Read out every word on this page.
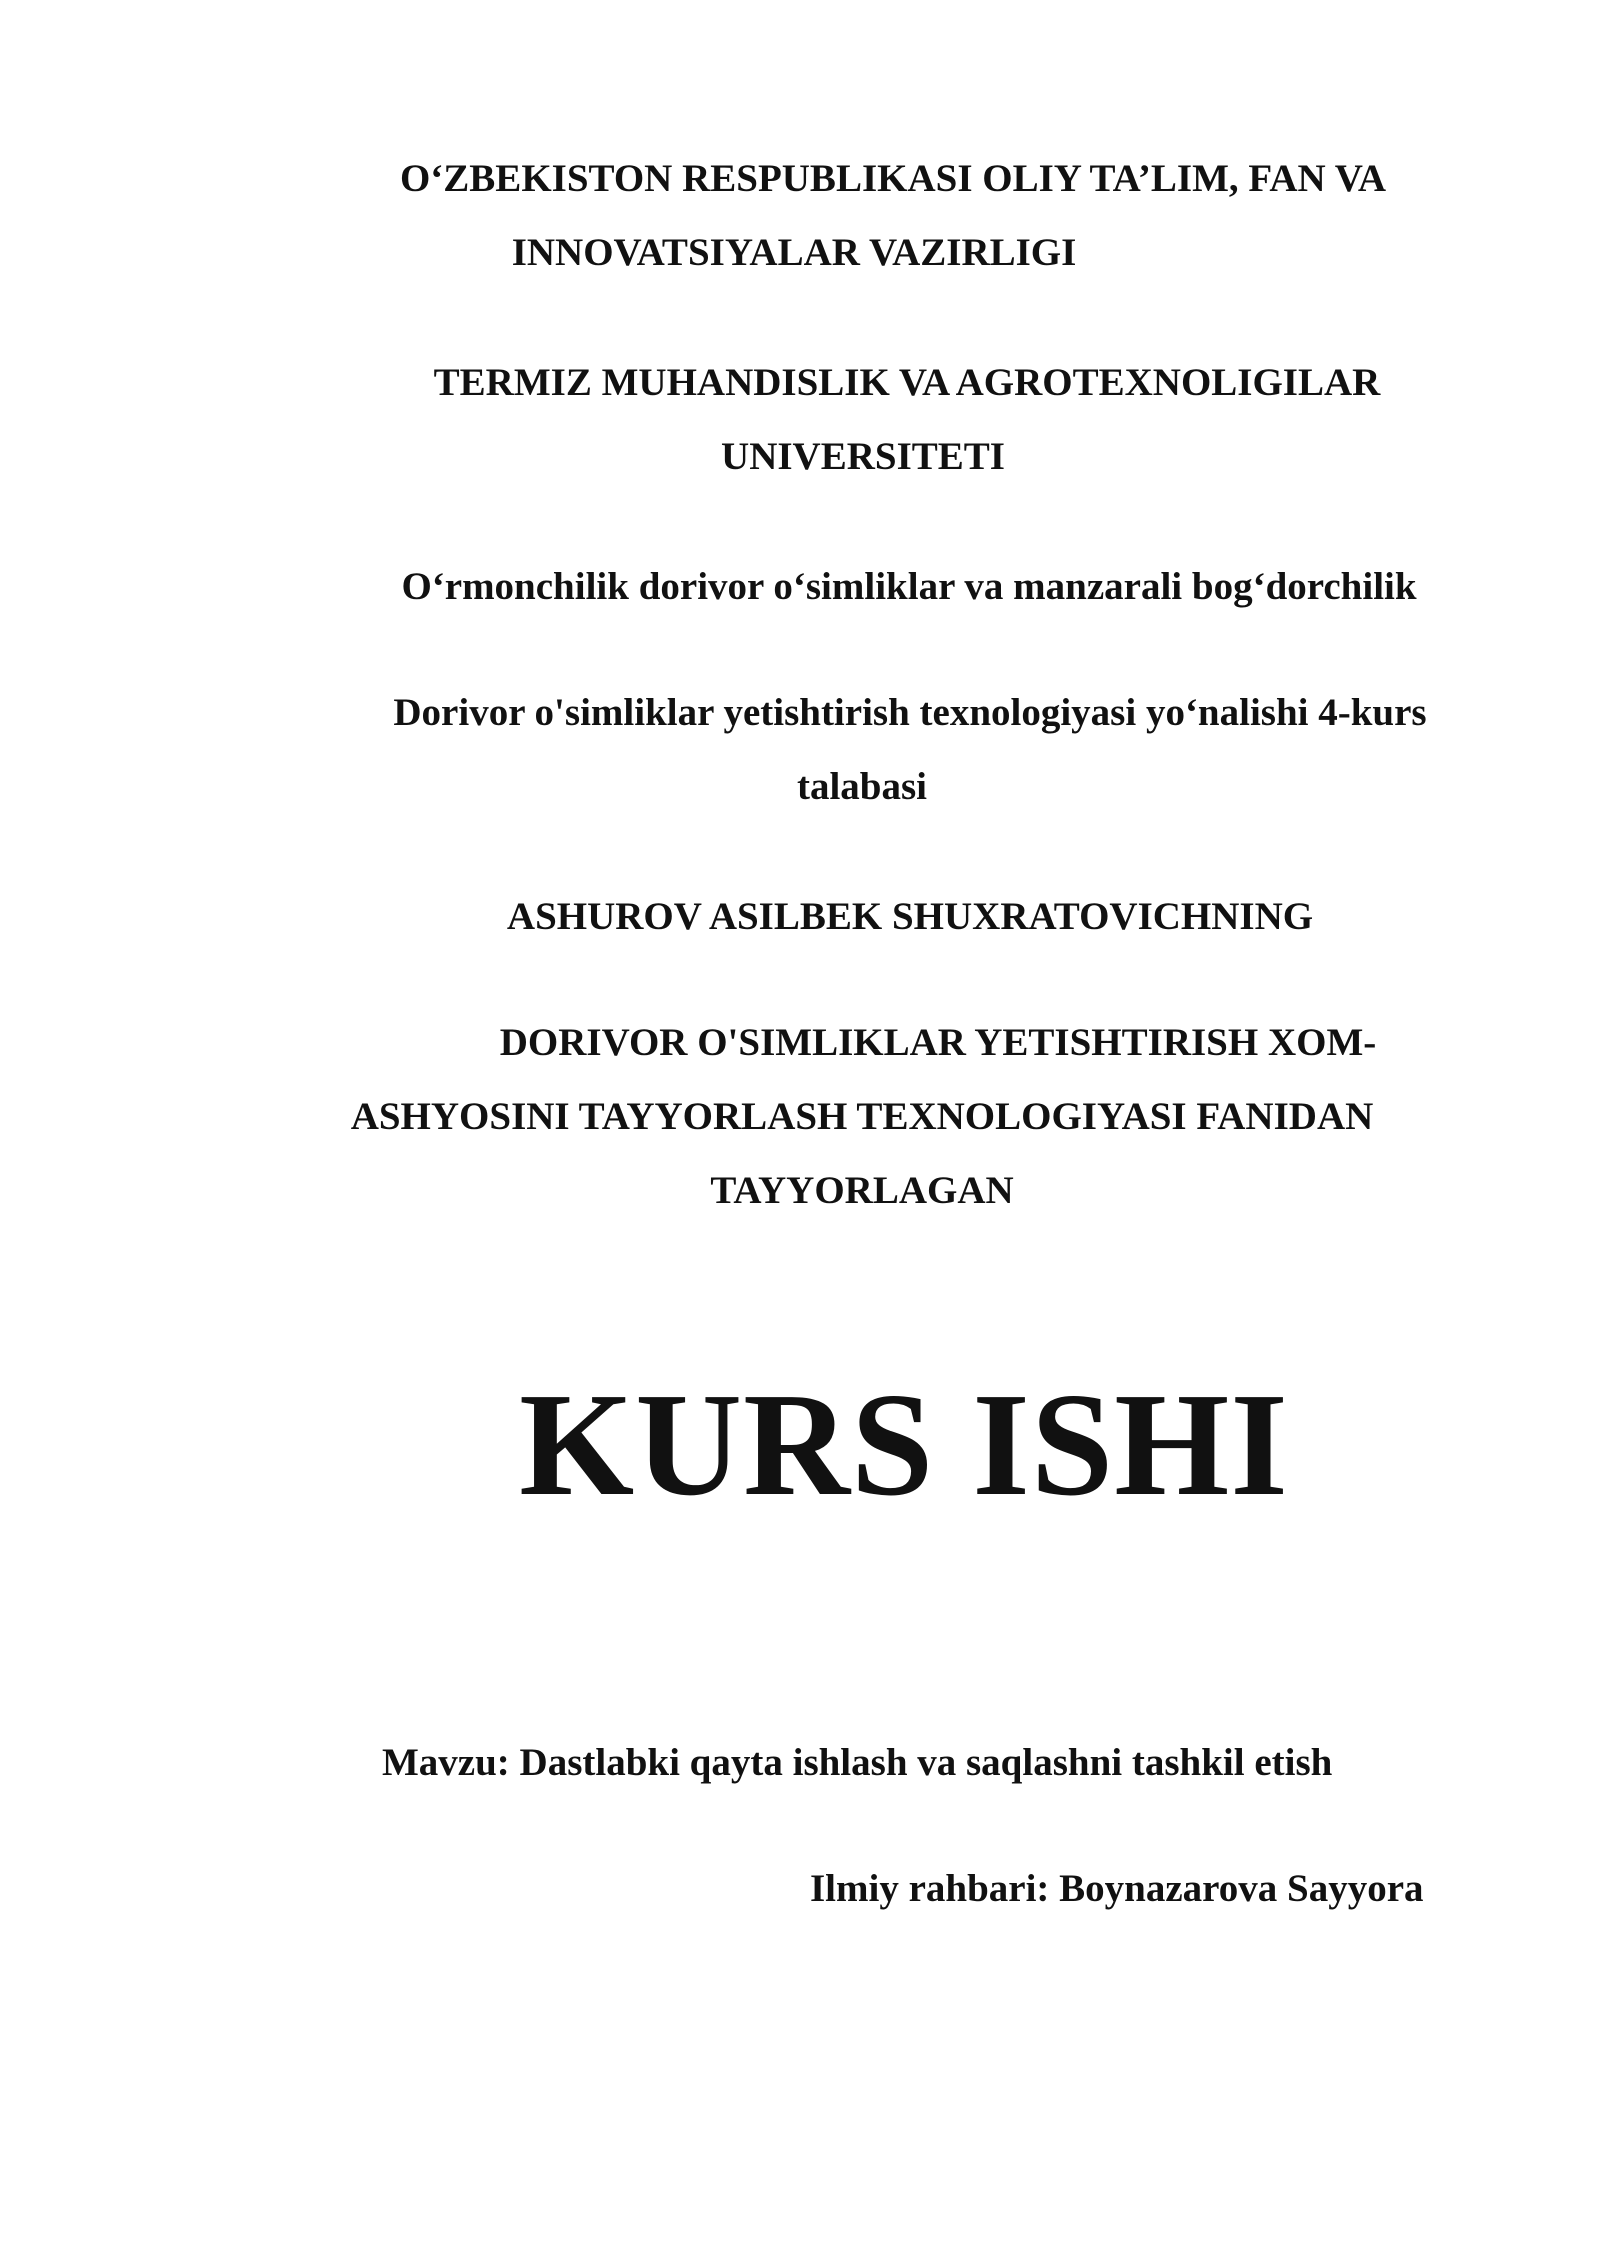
O‘ZBEKISTON RESPUBLIKASI OLIY TA’LIM, FAN VA
INNOVATSIYALAR VAZIRLIGI
TERMIZ MUHANDISLIK VA AGROTEXNOLIGILAR
UNIVERSITETI
O‘rmonchilik dorivor o‘simliklar va manzarali bog‘dorchilik
Dorivor o'simliklar yetishtirish texnologiyasi yo‘nalishi 4-kurs
talabasi
ASHUROV ASILBEK SHUXRATOVICHNING
DORIVOR O'SIMLIKLAR YETISHTIRISH XOM-
ASHYOSINI TAYYORLASH TEXNOLOGIYASI FANIDAN
TAYYORLAGAN
KURS ISHI
Mavzu: Dastlabki qayta ishlash va saqlashni tashkil etish
Ilmiy rahbari: Boynazarova Sayyora
